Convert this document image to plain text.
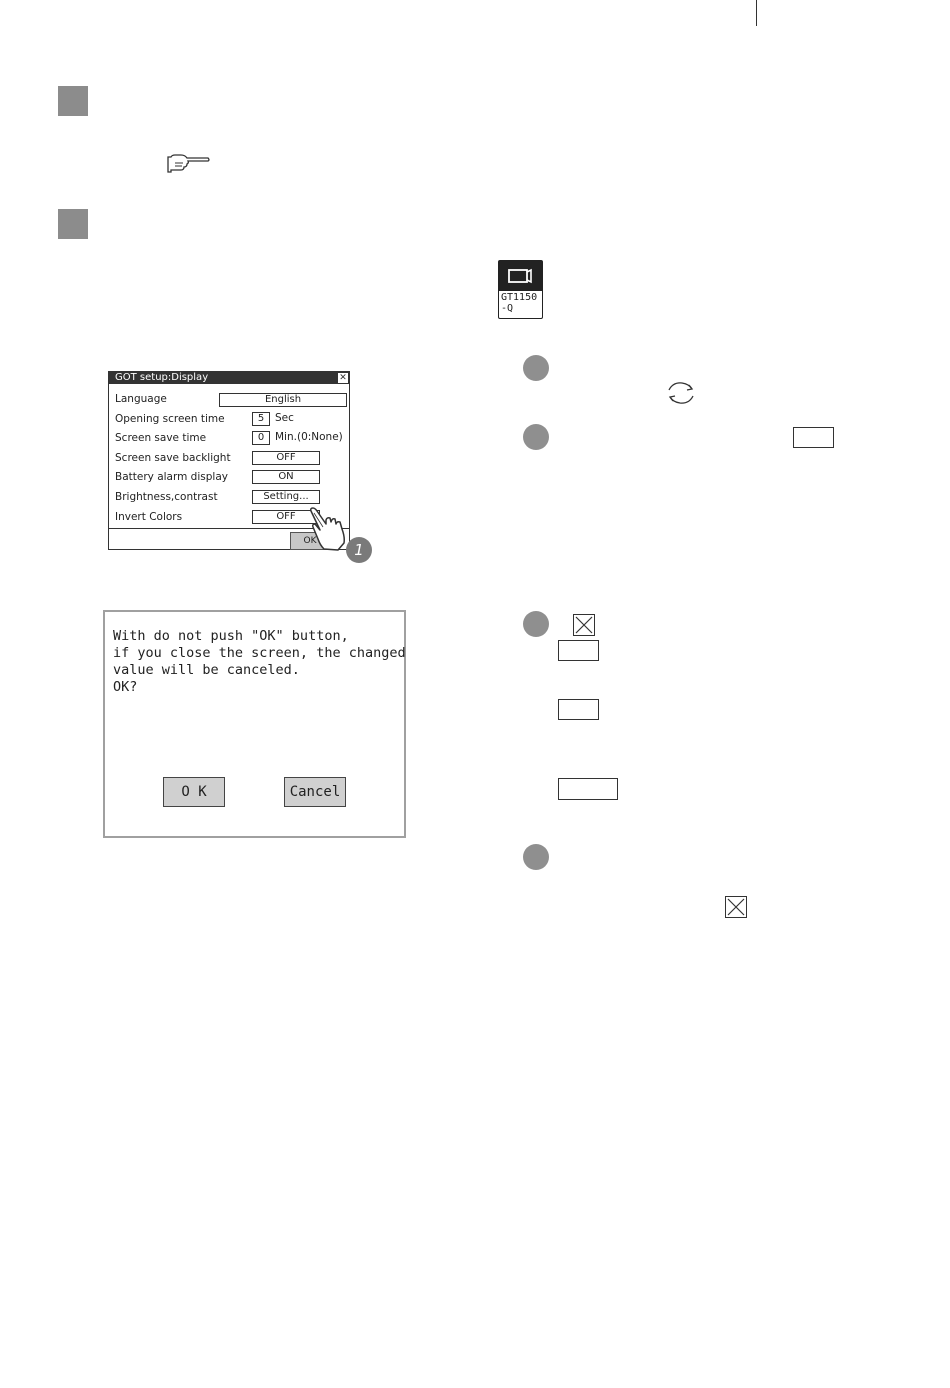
GOT setup:Display	✕
Language	English
Opening screen time	5	Sec
Screen save time	0	Min.(0:None)
Screen save backlight	OFF
Battery alarm display	ON
Brightness,contrast	Setting...
Invert Colors	OFF
OK	1
With do not push "OK" button,
if you close the screen, the changed
value will be canceled.
OK?
O K	Cancel
GT1150
-Q
